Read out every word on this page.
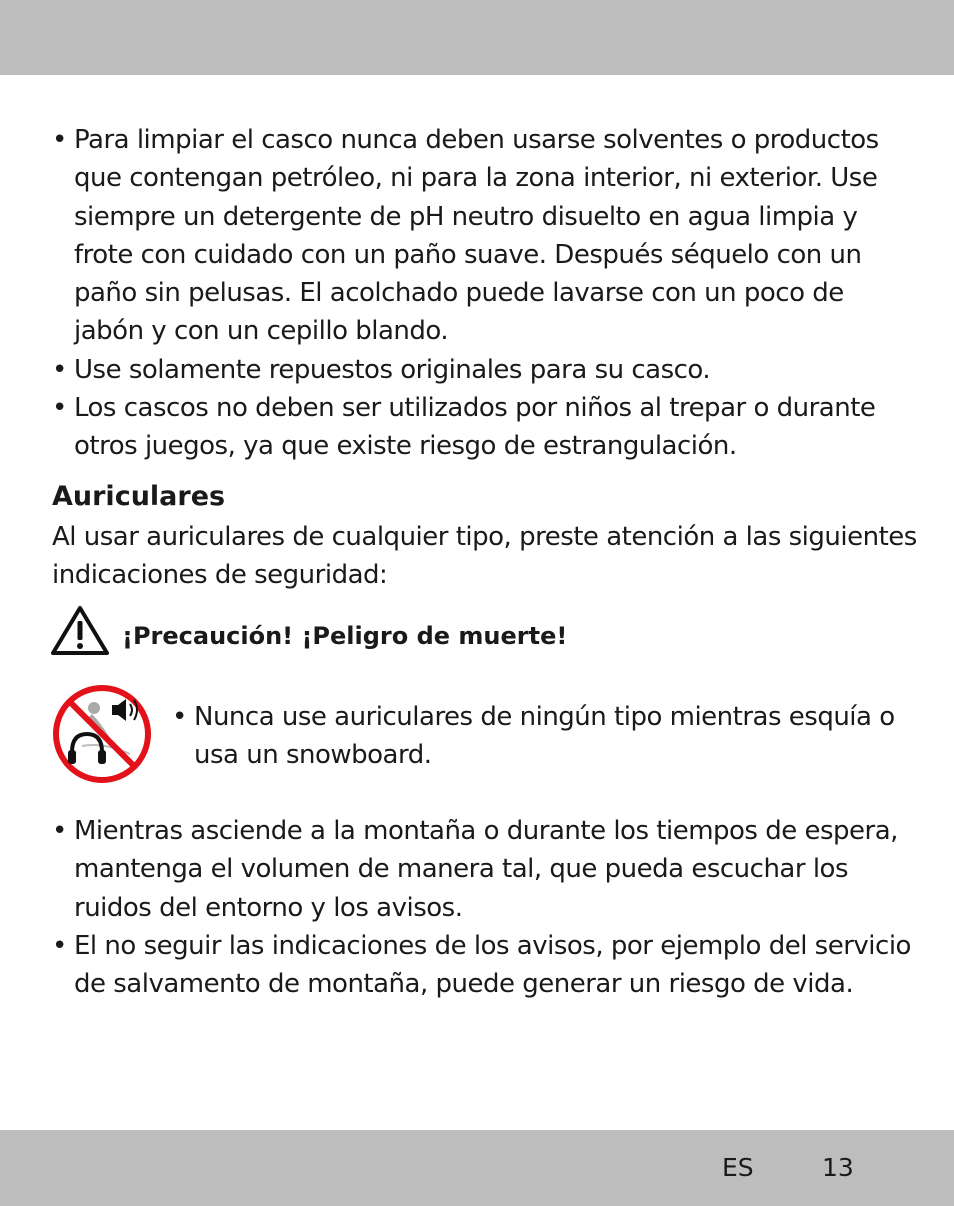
• Para limpiar el casco nunca deben usarse solventes o productos que contengan petróleo, ni para la zona interior, ni exterior. Use siempre un detergente de pH neutro disuelto en agua limpia y frote con cuidado con un paño suave. Después séquelo con un paño sin pelusas. El acolchado puede lavarse con un poco de jabón y con un cepillo blando.
• Use solamente repuestos originales para su casco.
• Los cascos no deben ser utilizados por niños al trepar o durante otros juegos, ya que existe riesgo de estrangulación.
Auriculares

Al usar auriculares de cualquier tipo, preste atención a las siguientes indicaciones de seguridad:

¡Precaución! ¡Peligro de muerte!
• Nunca use auriculares de ningún tipo mientras esquía o usa un snowboard.
• Mientras asciende a la montaña o durante los tiempos de espera, mantenga el volumen de manera tal, que pueda escuchar los ruidos del entorno y los avisos.
• El no seguir las indicaciones de los avisos, por ejemplo del servicio de salvamento de montaña, puede generar un riesgo de vida.
ES	13
